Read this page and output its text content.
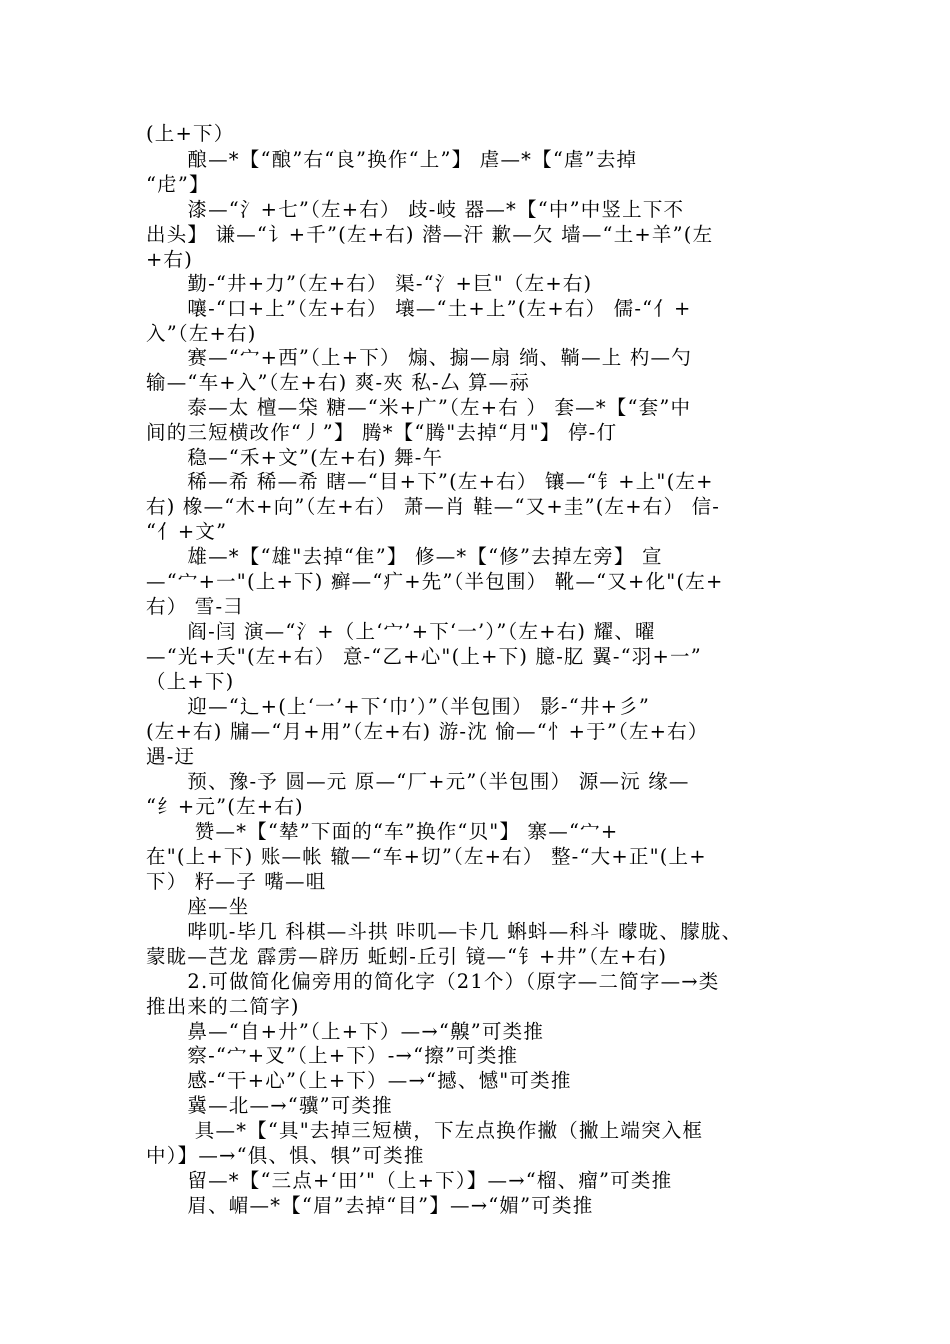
(上+下）
　　酿—*【“酿”右“良”换作“上”】 虐—*【“虐”去掉
“虍”】
　　漆—“氵+七”（左+右） 歧-岐 器—*【“中”中竖上下不
出头】 谦—“讠+千”(左+右) 潜—汗 歉—欠 墙—“土+羊”(左
+右)
　　勤-“井+力”（左+右） 渠-“氵+巨"（左+右)
　　嚷-“口+上”（左+右） 壤—“土+上”(左+右） 儒-“亻+
入”（左+右)
　　赛—“宀+西”（上+下） 煽、搧—扇 绱、鞝—上 杓—勺
输—“车+入”（左+右) 爽-夾 私-厶 算—祘
　　泰—太 檀—柋 糖—“米+广”（左+右 ） 套—*【“套”中
间的三短横改作“丿”】 腾*【“腾"去掉“月"】 停-仃
　　稳—“禾+文”(左+右) 舞-午
　　稀—希 稀—希 瞎—“目+下”(左+右） 镶—“钅+上"(左+
右) 橡—“木+向”（左+右） 萧—肖 鞋—“又+圭”(左+右） 信-
“亻+文”
　　雄—*【“雄"去掉“隹”】 修—*【“修”去掉左旁】 宣
—“宀+一"(上+下) 癣—“疒+先”（半包围） 靴—“又+化"(左+
右） 雪-彐
　　阎-闫 演—“氵+（上‘宀’+下‘一’）”（左+右) 耀、曜
—“光+夭"(左+右） 意-“乙+心"(上+下) 臆-肊 翼-“羽+一”
（上+下)
　　迎—“辶+(上‘一’+下‘巾’）”（半包围） 影-“井+彡”
(左+右) 牖—“月+用”（左+右) 游-沈 愉—“忄+于”（左+右）
遇-迂
　　预、豫-予 圆—元 原—“厂+元”（半包围） 源—沅 缘—
“纟+元”(左+右)
　　 赞—*【“辇”下面的“车”换作“贝"】 寨—“宀+
在"(上+下) 账—帐 辙—“车+切”（左+右） 整-“大+正"(上+
下） 籽—子 嘴—咀
　　座—坐
　　哔叽-毕几 科棋—斗拱 咔叽—卡几 蝌蚪—科斗 曚昽、朦胧、
蒙眬—芑龙 霹雳—辟历 蚯蚓-丘引 镜—“钅+井”（左+右)
　　2.可做简化偏旁用的简化字（21个）（原字—二简字—→类
推出来的二简字)
　　鼻—“自+廾”（上+下）—→“齅”可类推
　　察-“宀+叉”（上+下）-→“擦”可类推
　　感-“干+心”（上+下）—→“撼、憾"可类推
　　冀—北—→“骥”可类推
　　 具—*【“具"去掉三短横，下左点换作撇（撇上端突入框
中）】—→“俱、惧、犋”可类推
　　留—*【“三点+‘田’"（上+下）】—→“榴、瘤”可类推
　　眉、嵋—*【“眉”去掉“目”】—→“媚”可类推
